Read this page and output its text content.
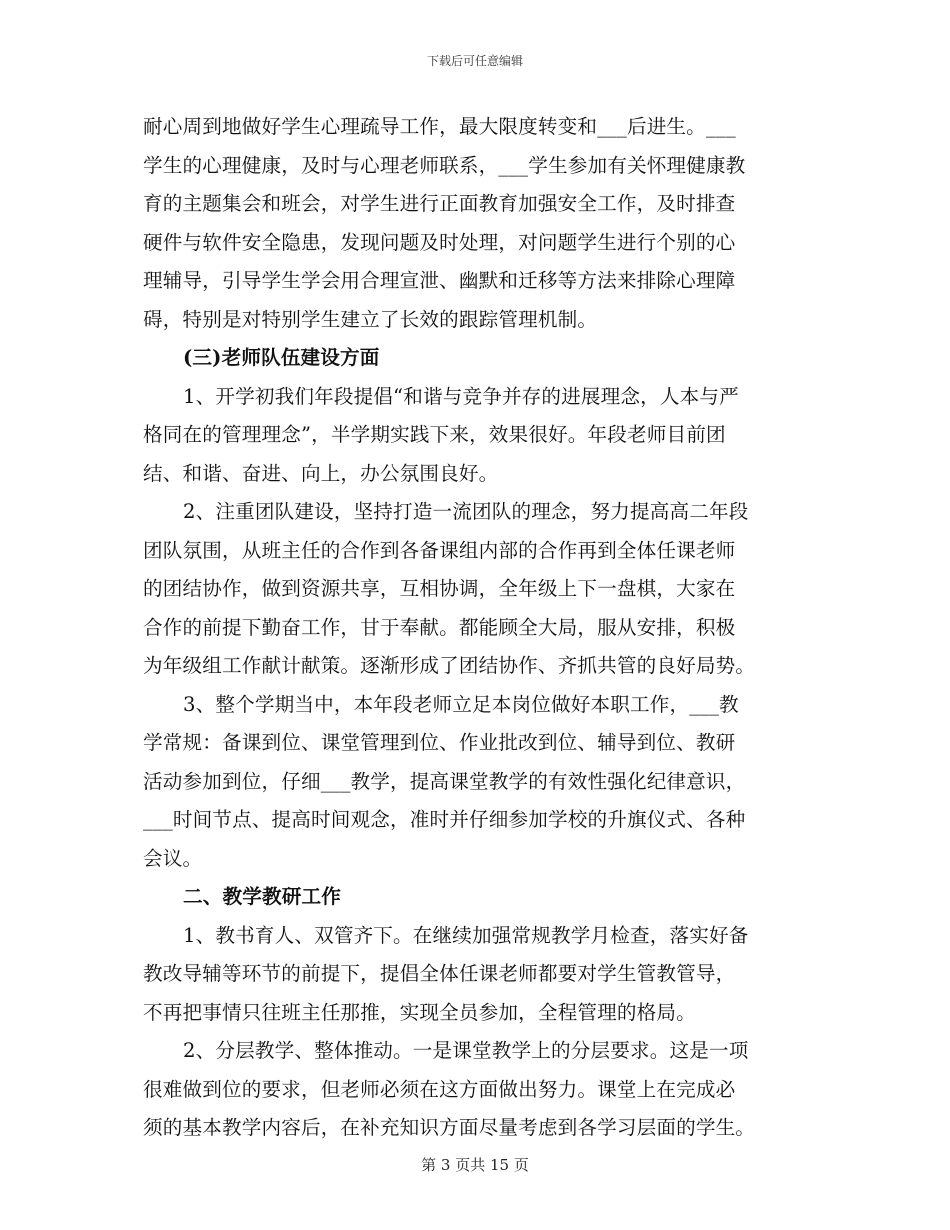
下载后可任意编辑
耐心周到地做好学生心理疏导工作，最大限度转变和___后进生。___
学生的心理健康，及时与心理老师联系，___学生参加有关怀理健康教
育的主题集会和班会，对学生进行正面教育加强安全工作，及时排查
硬件与软件安全隐患，发现问题及时处理，对问题学生进行个别的心
理辅导，引导学生学会用合理宣泄、幽默和迁移等方法来排除心理障
碍，特别是对特别学生建立了长效的跟踪管理机制。
(三)老师队伍建设方面
1、开学初我们年段提倡“和谐与竞争并存的进展理念，人本与严
格同在的管理理念”，半学期实践下来，效果很好。年段老师目前团
结、和谐、奋进、向上，办公氛围良好。
2、注重团队建设，坚持打造一流团队的理念，努力提高高二年段
团队氛围，从班主任的合作到各备课组内部的合作再到全体任课老师
的团结协作，做到资源共享，互相协调，全年级上下一盘棋，大家在
合作的前提下勤奋工作，甘于奉献。都能顾全大局，服从安排，积极
为年级组工作献计献策。逐渐形成了团结协作、齐抓共管的良好局势。
3、整个学期当中，本年段老师立足本岗位做好本职工作，___教
学常规：备课到位、课堂管理到位、作业批改到位、辅导到位、教研
活动参加到位，仔细___教学，提高课堂教学的有效性强化纪律意识，
___时间节点、提高时间观念，准时并仔细参加学校的升旗仪式、各种
会议。
二、教学教研工作
1、教书育人、双管齐下。在继续加强常规教学月检查，落实好备
教改导辅等环节的前提下，提倡全体任课老师都要对学生管教管导，
不再把事情只往班主任那推，实现全员参加，全程管理的格局。
2、分层教学、整体推动。一是课堂教学上的分层要求。这是一项
很难做到位的要求，但老师必须在这方面做出努力。课堂上在完成必
须的基本教学内容后，在补充知识方面尽量考虑到各学习层面的学生。
第 3 页共 15 页
